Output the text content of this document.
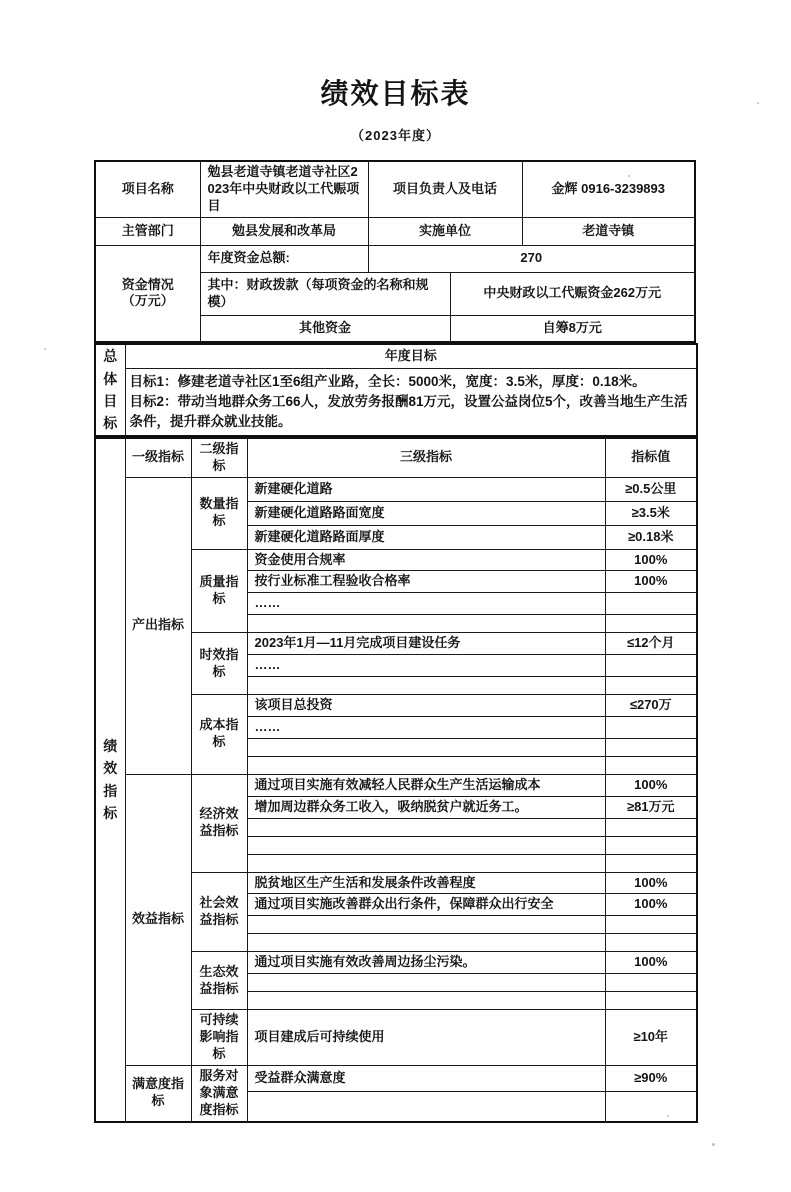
绩效目标表
（2023年度）
项目名称	勉县老道寺镇老道寺社区2023年中央财政以工代赈项目	项目负责人及电话		金辉 0916-3239893
主管部门	勉县发展和改革局	实施单位		老道寺镇
资金情况
（万元）	年度资金总额:	270		
	其中：财政拨款（每项资金的名称和规模）		中央财政以工代赈资金262万元	
	其他资金		自筹8万元	
总体目标	年度目标

目标1：修建老道寺社区1至6组产业路，全长：5000米，宽度：3.5米，厚度：0.18米。
目标2：带动当地群众务工66人，发放劳务报酬81万元，设置公益岗位5个，改善当地生产生活条件，提升群众就业技能。
绩效指标	一级指标	二级指标	三级指标	指标值
	产出指标	数量指标	新建硬化道路	≥0.5公里
			新建硬化道路路面宽度	≥3.5米
			新建硬化道路路面厚度	≥0.18米
		质量指标	资金使用合规率	100%
			按行业标准工程验收合格率	100%
			……	

		时效指标	2023年1月—11月完成项目建设任务	≤12个月
			……	

		成本指标	该项目总投资	≤270万
			……	

	效益指标	经济效益指标	通过项目实施有效减轻人民群众生产生活运输成本	100%
			增加周边群众务工收入，吸纳脱贫户就近务工。	≥81万元

		社会效益指标	脱贫地区生产生活和发展条件改善程度	100%
			通过项目实施改善群众出行条件，保障群众出行安全	100%

		生态效益指标	通过项目实施有效改善周边扬尘污染。	100%

		可持续影响指标	项目建成后可持续使用	≥10年
	满意度指标	服务对象满意度指标	受益群众满意度	≥90%
